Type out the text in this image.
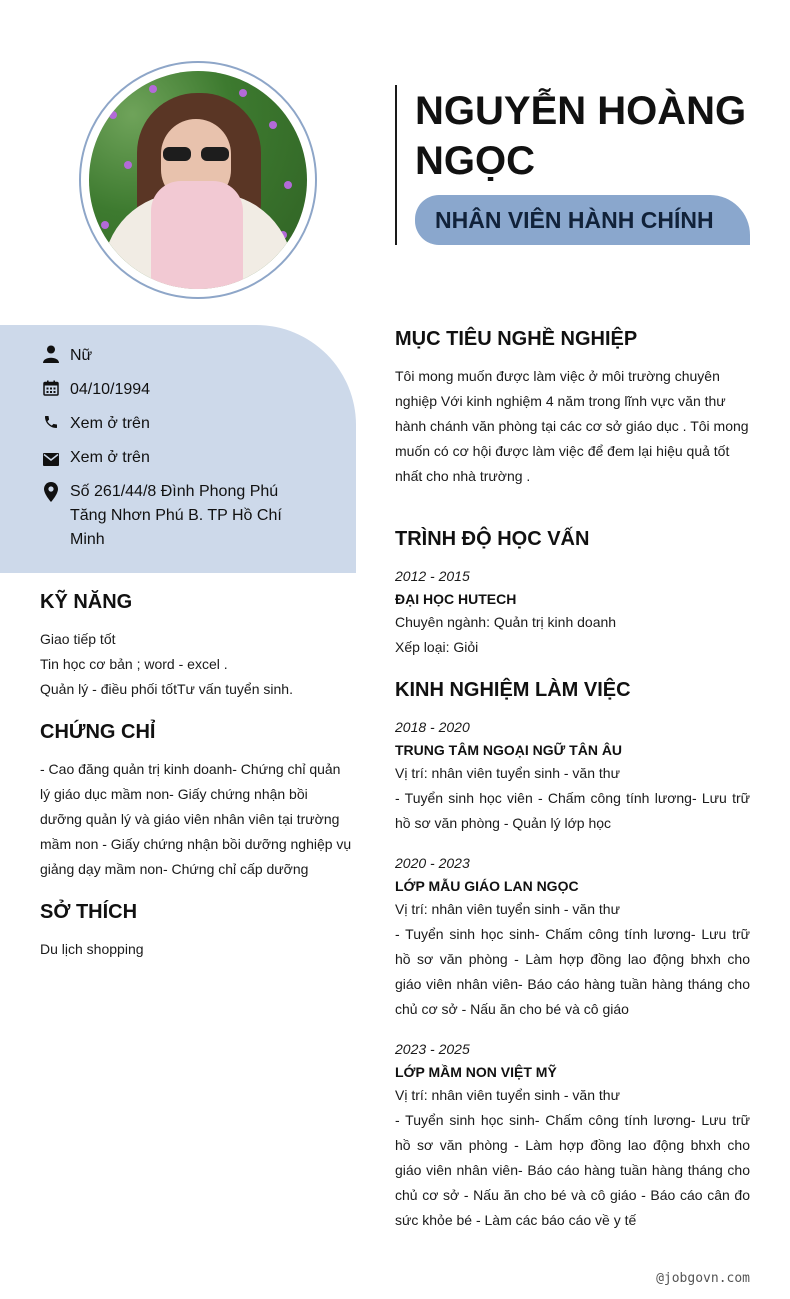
NGUYỄN HOÀNG NGỌC
NHÂN VIÊN HÀNH CHÍNH
Nữ
04/10/1994
Xem ở trên
Xem ở trên
Số 261/44/8 Đình Phong Phú Tăng Nhơn Phú B. TP Hồ Chí Minh
KỸ NĂNG
Giao tiếp tốt
Tin học cơ bản ; word - excel .
Quản lý - điều phối tốtTư vấn tuyển sinh.
CHỨNG CHỈ
- Cao đăng quản trị kinh doanh- Chứng chỉ quản lý giáo dục mầm non- Giấy chứng nhận bồi dưỡng quản lý và giáo viên nhân viên tại trường mầm non - Giấy chứng nhận bồi dưỡng nghiệp vụ giảng dạy mầm non- Chứng chỉ cấp dưỡng
SỞ THÍCH
Du lịch shopping
MỤC TIÊU NGHỀ NGHIỆP
Tôi mong muốn được làm việc ở môi trường chuyên nghiệp Với kinh nghiệm 4 năm trong lĩnh vực văn thư hành chánh văn phòng tại các cơ sở giáo dục . Tôi mong muốn có cơ hội được làm việc để đem lại hiệu quả tốt nhất cho nhà trường .
TRÌNH ĐỘ HỌC VẤN
2012 - 2015
ĐẠI HỌC HUTECH
Chuyên ngành: Quản trị kinh doanh
Xếp loại: Giỏi
KINH NGHIỆM LÀM VIỆC
2018 - 2020
TRUNG TÂM NGOẠI NGỮ TÂN ÂU
Vị trí: nhân viên tuyển sinh - văn thư
- Tuyển sinh học viên - Chấm công tính lương- Lưu trữ hồ sơ văn phòng - Quản lý lớp học
2020 - 2023
LỚP MẪU GIÁO LAN NGỌC
Vị trí: nhân viên tuyển sinh - văn thư
- Tuyển sinh học sinh- Chấm công tính lương- Lưu trữ hồ sơ văn phòng - Làm hợp đồng lao động bhxh cho giáo viên nhân viên- Báo cáo hàng tuần hàng tháng cho chủ cơ sở - Nấu ăn cho bé và cô giáo
2023 - 2025
LỚP MẦM NON VIỆT MỸ
Vị trí: nhân viên tuyển sinh - văn thư
- Tuyển sinh học sinh- Chấm công tính lương- Lưu trữ hồ sơ văn phòng - Làm hợp đồng lao động bhxh cho giáo viên nhân viên- Báo cáo hàng tuần hàng tháng cho chủ cơ sở - Nấu ăn cho bé và cô giáo - Báo cáo cân đo sức khỏe bé - Làm các báo cáo về y tế
@jobgovn.com
